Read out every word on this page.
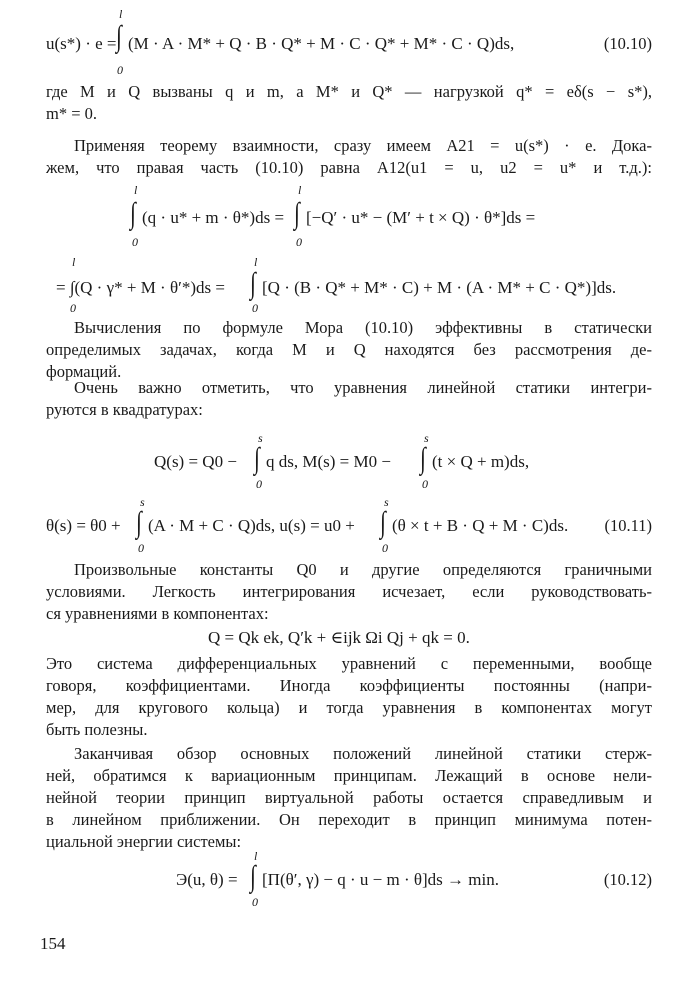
l
u(s*) · e = ∫ (M · A · M* + Q · B · Q* + M · C · Q* + M* · C · Q)ds,
0
(10.10)
где M и Q вызваны q и m, а M* и Q* — нагрузкой q* = eδ(s − s*),
m* = 0.
Применяя теорему взаимности, сразу имеем A21 = u(s*) · e. Дока-
жем, что правая часть (10.10) равна A12(u1 = u, u2 = u* и т.д.):
l
∫ (q · u* + m · θ*)ds =
0
l
∫ [−Q′ · u* − (M′ + t × Q) · θ*]ds =
0
l
= ∫(Q · γ* + M · θ′*)ds =
0
l
∫ [Q · (B · Q* + M* · C) + M · (A · M* + C · Q*)]ds.
0
Вычисления по формуле Мора (10.10) эффективны в статически
определимых задачах, когда M и Q находятся без рассмотрения де-
формаций.
Очень важно отметить, что уравнения линейной статики интегри-
руются в квадратурах:
Q(s) = Q0 −
s
∫ q ds, M(s) = M0 −
0
s
∫ (t × Q + m)ds,
0
θ(s) = θ0 +
s
∫ (A · M + C · Q)ds, u(s) = u0 +
0
s
∫ (θ × t + B · Q + M · C)ds.
0
(10.11)
Произвольные константы Q0 и другие определяются граничными
условиями. Легкость интегрирования исчезает, если руководствовать-
ся уравнениями в компонентах:
Q = Qk ek, Q′k + ∈ijk Ωi Qj + qk = 0.
Это система дифференциальных уравнений с переменными, вообще
говоря, коэффициентами. Иногда коэффициенты постоянны (напри-
мер, для кругового кольца) и тогда уравнения в компонентах могут
быть полезны.
Заканчивая обзор основных положений линейной статики стерж-
ней, обратимся к вариационным принципам. Лежащий в основе нели-
нейной теории принцип виртуальной работы остается справедливым и
в линейном приближении. Он переходит в принцип минимума потен-
циальной энергии системы:
Э(u, θ) =
l
∫ [Π(θ′, γ) − q · u − m · θ]ds → min.
0
(10.12)
154
